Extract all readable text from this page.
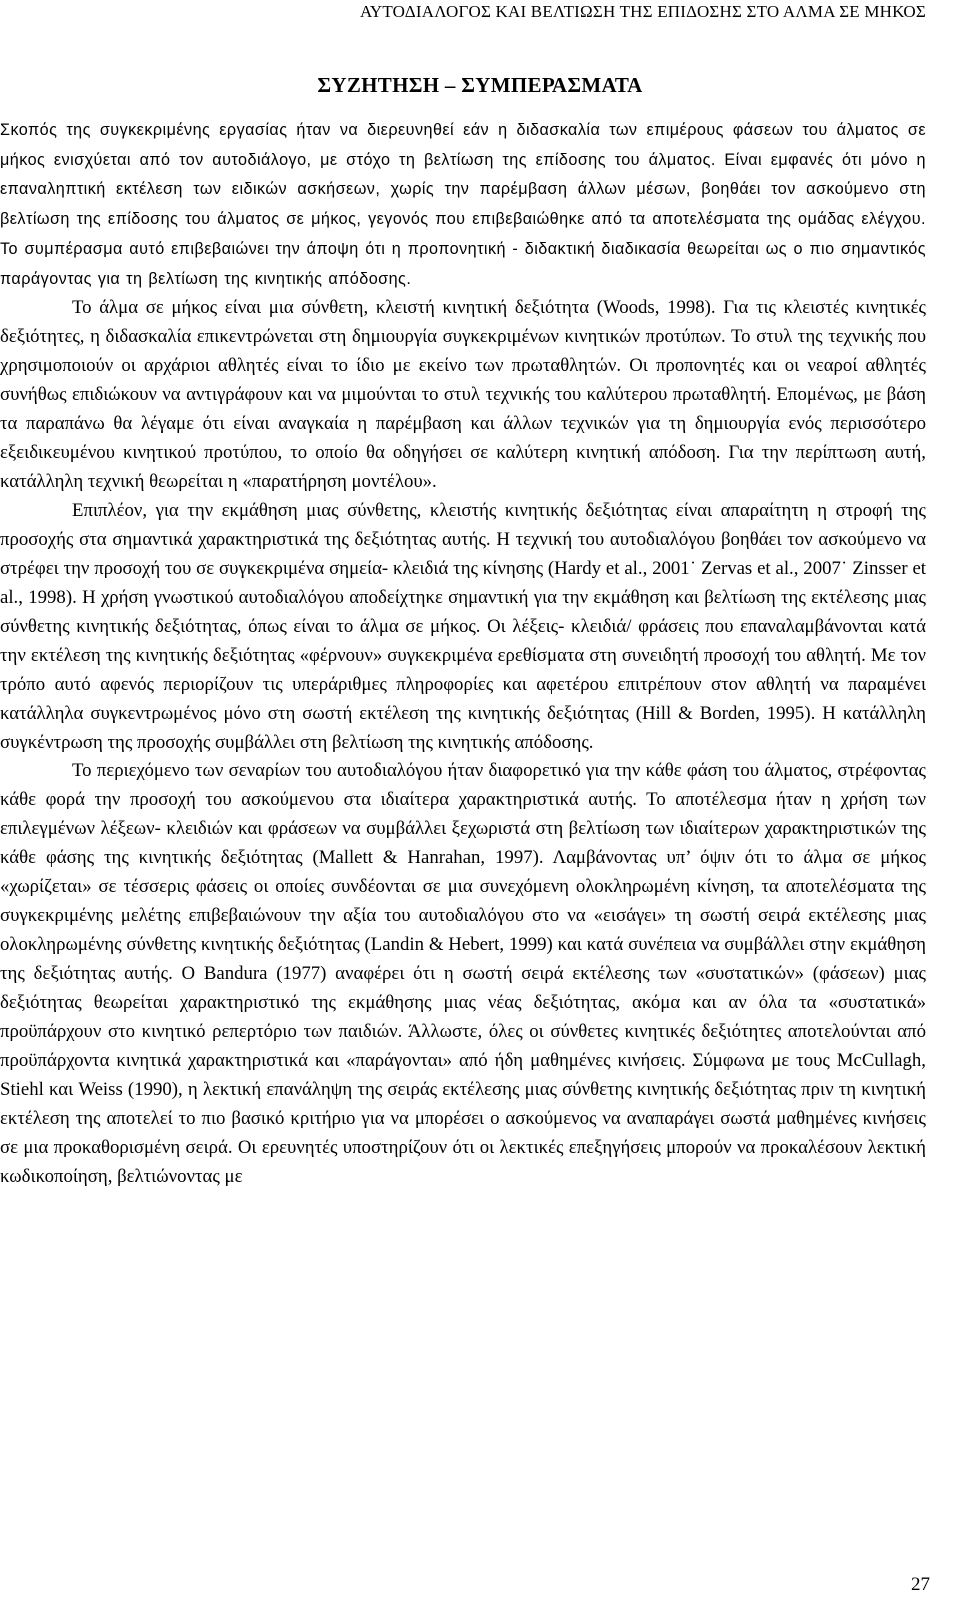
ΑΥΤΟΔΙΑΛΟΓΟΣ ΚΑΙ ΒΕΛΤΙΩΣΗ ΤΗΣ ΕΠΙΔΟΣΗΣ ΣΤΟ ΑΛΜΑ ΣΕ ΜΗΚΟΣ
ΣΥΖΗΤΗΣΗ – ΣΥΜΠΕΡΑΣΜΑΤΑ

Σκοπός της συγκεκριμένης εργασίας ήταν να διερευνηθεί εάν η διδασκαλία των επιμέρους φάσεων του άλματος σε μήκος ενισχύεται από τον αυτοδιάλογο, με στόχο τη βελτίωση της επίδοσης του άλματος. Είναι εμφανές ότι μόνο η επαναληπτική εκτέλεση των ειδικών ασκήσεων, χωρίς την παρέμβαση άλλων μέσων, βοηθάει τον ασκούμενο στη βελτίωση της επίδοσης του άλματος σε μήκος, γεγονός που επιβεβαιώθηκε από τα αποτελέσματα της ομάδας ελέγχου. Το συμπέρασμα αυτό επιβεβαιώνει την άποψη ότι η προπονητική - διδακτική διαδικασία θεωρείται ως ο πιο σημαντικός παράγοντας για τη βελτίωση της κινητικής απόδοσης.

Το άλμα σε μήκος είναι μια σύνθετη, κλειστή κινητική δεξιότητα (Woods, 1998). Για τις κλειστές κινητικές δεξιότητες, η διδασκαλία επικεντρώνεται στη δημιουργία συγκεκριμένων κινητικών προτύπων. Το στυλ της τεχνικής που χρησιμοποιούν οι αρχάριοι αθλητές είναι το ίδιο με εκείνο των πρωταθλητών. Οι προπονητές και οι νεαροί αθλητές συνήθως επιδιώκουν να αντιγράφουν και να μιμούνται το στυλ τεχνικής του καλύτερου πρωταθλητή. Επομένως, με βάση τα παραπάνω θα λέγαμε ότι είναι αναγκαία η παρέμβαση και άλλων τεχνικών για τη δημιουργία ενός περισσότερο εξειδικευμένου κινητικού προτύπου, το οποίο θα οδηγήσει σε καλύτερη κινητική απόδοση. Για την περίπτωση αυτή, κατάλληλη τεχνική θεωρείται η «παρατήρηση μοντέλου».

Επιπλέον, για την εκμάθηση μιας σύνθετης, κλειστής κινητικής δεξιότητας είναι απαραίτητη η στροφή της προσοχής στα σημαντικά χαρακτηριστικά της δεξιότητας αυτής. Η τεχνική του αυτοδιαλόγου βοηθάει τον ασκούμενο να στρέφει την προσοχή του σε συγκεκριμένα σημεία- κλειδιά της κίνησης (Hardy et al., 2001˙ Zervas et al., 2007˙ Zinsser et al., 1998). Η χρήση γνωστικού αυτοδιαλόγου αποδείχτηκε σημαντική για την εκμάθηση και βελτίωση της εκτέλεσης μιας σύνθετης κινητικής δεξιότητας, όπως είναι το άλμα σε μήκος. Οι λέξεις- κλειδιά/ φράσεις που επαναλαμβάνονται κατά την εκτέλεση της κινητικής δεξιότητας «φέρνουν» συγκεκριμένα ερεθίσματα στη συνειδητή προσοχή του αθλητή. Με τον τρόπο αυτό αφενός περιορίζουν τις υπεράριθμες πληροφορίες και αφετέρου επιτρέπουν στον αθλητή να παραμένει κατάλληλα συγκεντρωμένος μόνο στη σωστή εκτέλεση της κινητικής δεξιότητας (Hill & Borden, 1995). Η κατάλληλη συγκέντρωση της προσοχής συμβάλλει στη βελτίωση της κινητικής απόδοσης.

Το περιεχόμενο των σεναρίων του αυτοδιαλόγου ήταν διαφορετικό για την κάθε φάση του άλματος, στρέφοντας κάθε φορά την προσοχή του ασκούμενου στα ιδιαίτερα χαρακτηριστικά αυτής. Το αποτέλεσμα ήταν η χρήση των επιλεγμένων λέξεων- κλειδιών και φράσεων να συμβάλλει ξεχωριστά στη βελτίωση των ιδιαίτερων χαρακτηριστικών της κάθε φάσης της κινητικής δεξιότητας (Mallett & Hanrahan, 1997). Λαμβάνοντας υπ’ όψιν ότι το άλμα σε μήκος «χωρίζεται» σε τέσσερις φάσεις οι οποίες συνδέονται σε μια συνεχόμενη ολοκληρωμένη κίνηση, τα αποτελέσματα της συγκεκριμένης μελέτης επιβεβαιώνουν την αξία του αυτοδιαλόγου στο να «εισάγει» τη σωστή σειρά εκτέλεσης μιας ολοκληρωμένης σύνθετης κινητικής δεξιότητας (Landin & Hebert, 1999) και κατά συνέπεια να συμβάλλει στην εκμάθηση της δεξιότητας αυτής. Ο Bandura (1977) αναφέρει ότι η σωστή σειρά εκτέλεσης των «συστατικών» (φάσεων) μιας δεξιότητας θεωρείται χαρακτηριστικό της εκμάθησης μιας νέας δεξιότητας, ακόμα και αν όλα τα «συστατικά» προϋπάρχουν στο κινητικό ρεπερτόριο των παιδιών. Άλλωστε, όλες οι σύνθετες κινητικές δεξιότητες αποτελούνται από προϋπάρχοντα κινητικά χαρακτηριστικά και «παράγονται» από ήδη μαθημένες κινήσεις. Σύμφωνα με τους McCullagh, Stiehl και Weiss (1990), η λεκτική επανάληψη της σειράς εκτέλεσης μιας σύνθετης κινητικής δεξιότητας πριν τη κινητική εκτέλεση της αποτελεί το πιο βασικό κριτήριο για να μπορέσει ο ασκούμενος να αναπαράγει σωστά μαθημένες κινήσεις σε μια προκαθορισμένη σειρά. Οι ερευνητές υποστηρίζουν ότι οι λεκτικές επεξηγήσεις μπορούν να προκαλέσουν λεκτική κωδικοποίηση, βελτιώνοντας με

27
